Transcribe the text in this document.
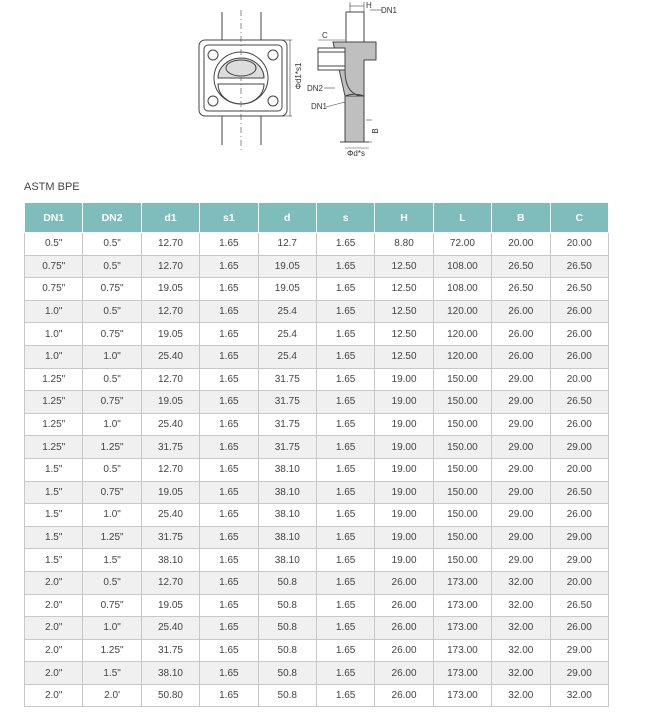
Φd1*s1
H
DN1
C
DN2
DN1
B
Φd*s
ASTM BPE
DN1	DN2	d1	s1	d	s	H	L	B	C
0.5"	0.5"	12.70	1.65	12.7	1.65	8.80	72.00	20.00	20.00
0.75"	0.5"	12.70	1.65	19.05	1.65	12.50	108.00	26.50	26.50
0.75"	0.75"	19.05	1.65	19.05	1.65	12.50	108.00	26.50	26.50
1.0"	0.5"	12.70	1.65	25.4	1.65	12.50	120.00	26.00	26.00
1.0"	0.75"	19.05	1.65	25.4	1.65	12.50	120.00	26.00	26.00
1.0"	1.0"	25.40	1.65	25.4	1.65	12.50	120.00	26.00	26.00
1.25"	0.5"	12.70	1.65	31.75	1.65	19.00	150.00	29.00	20.00
1.25"	0.75"	19.05	1.65	31.75	1.65	19.00	150.00	29.00	26.50
1.25"	1.0"	25.40	1.65	31.75	1.65	19.00	150.00	29.00	26.00
1.25"	1.25"	31.75	1.65	31.75	1.65	19.00	150.00	29.00	29.00
1.5"	0.5"	12.70	1.65	38.10	1.65	19.00	150.00	29.00	20.00
1.5"	0.75"	19.05	1.65	38.10	1.65	19.00	150.00	29.00	26.50
1.5"	1.0"	25.40	1.65	38.10	1.65	19.00	150.00	29.00	26.00
1.5"	1.25"	31.75	1.65	38.10	1.65	19.00	150.00	29.00	29.00
1.5"	1.5"	38.10	1.65	38.10	1.65	19.00	150.00	29.00	29.00
2.0"	0.5"	12.70	1.65	50.8	1.65	26.00	173.00	32.00	20.00
2.0"	0.75"	19.05	1.65	50.8	1.65	26.00	173.00	32.00	26.50
2.0"	1.0"	25.40	1.65	50.8	1.65	26.00	173.00	32.00	26.00
2.0"	1.25"	31.75	1.65	50.8	1.65	26.00	173.00	32.00	29.00
2.0"	1.5"	38.10	1.65	50.8	1.65	26.00	173.00	32.00	29.00
2.0"	2.0'	50.80	1.65	50.8	1.65	26.00	173.00	32.00	32.00
